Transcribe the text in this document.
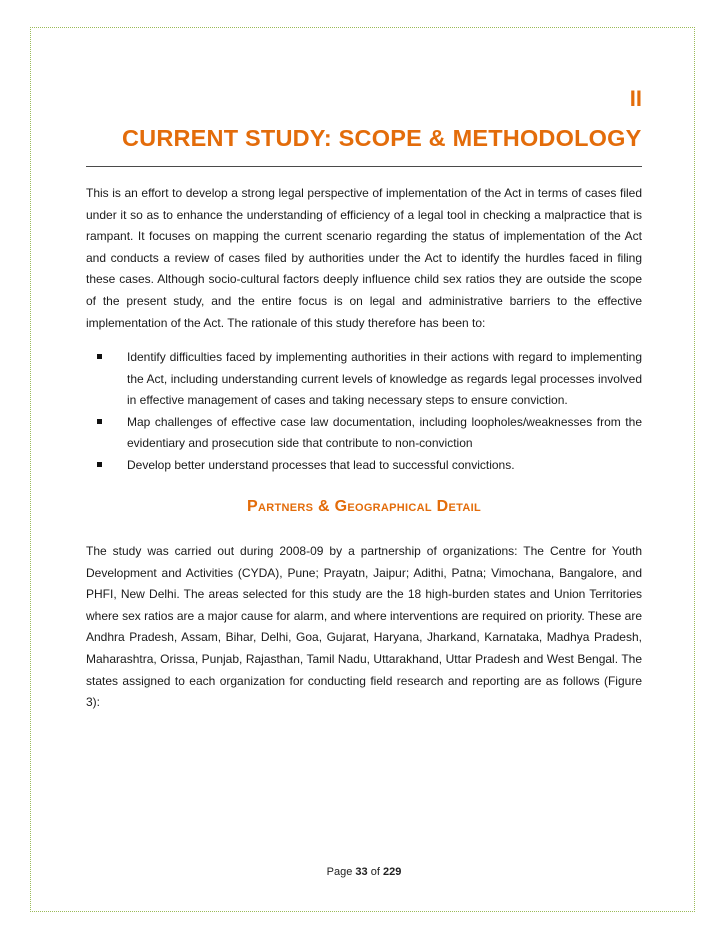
II
CURRENT STUDY: SCOPE & METHODOLOGY

This is an effort to develop a strong legal perspective of implementation of the Act in terms of cases filed under it so as to enhance the understanding of efficiency of a legal tool in checking a malpractice that is rampant. It focuses on mapping the current scenario regarding the status of implementation of the Act and conducts a review of cases filed by authorities under the Act to identify the hurdles faced in filing these cases. Although socio-cultural factors deeply influence child sex ratios they are outside the scope of the present study, and the entire focus is on legal and administrative barriers to the effective implementation of the Act. The rationale of this study therefore has been to:

Identify difficulties faced by implementing authorities in their actions with regard to implementing the Act, including understanding current levels of knowledge as regards legal processes involved in effective management of cases and taking necessary steps to ensure conviction.
Map challenges of effective case law documentation, including loopholes/weaknesses from the evidentiary and prosecution side that contribute to non-conviction
Develop better understand processes that lead to successful convictions.
Partners & Geographical Detail

The study was carried out during 2008-09 by a partnership of organizations: The Centre for Youth Development and Activities (CYDA), Pune; Prayatn, Jaipur; Adithi, Patna; Vimochana, Bangalore, and PHFI, New Delhi. The areas selected for this study are the 18 high-burden states and Union Territories where sex ratios are a major cause for alarm, and where interventions are required on priority. These are Andhra Pradesh, Assam, Bihar, Delhi, Goa, Gujarat, Haryana, Jharkand, Karnataka, Madhya Pradesh, Maharashtra, Orissa, Punjab, Rajasthan, Tamil Nadu, Uttarakhand, Uttar Pradesh and West Bengal. The states assigned to each organization for conducting field research and reporting are as follows (Figure 3):

Page 33 of 229
